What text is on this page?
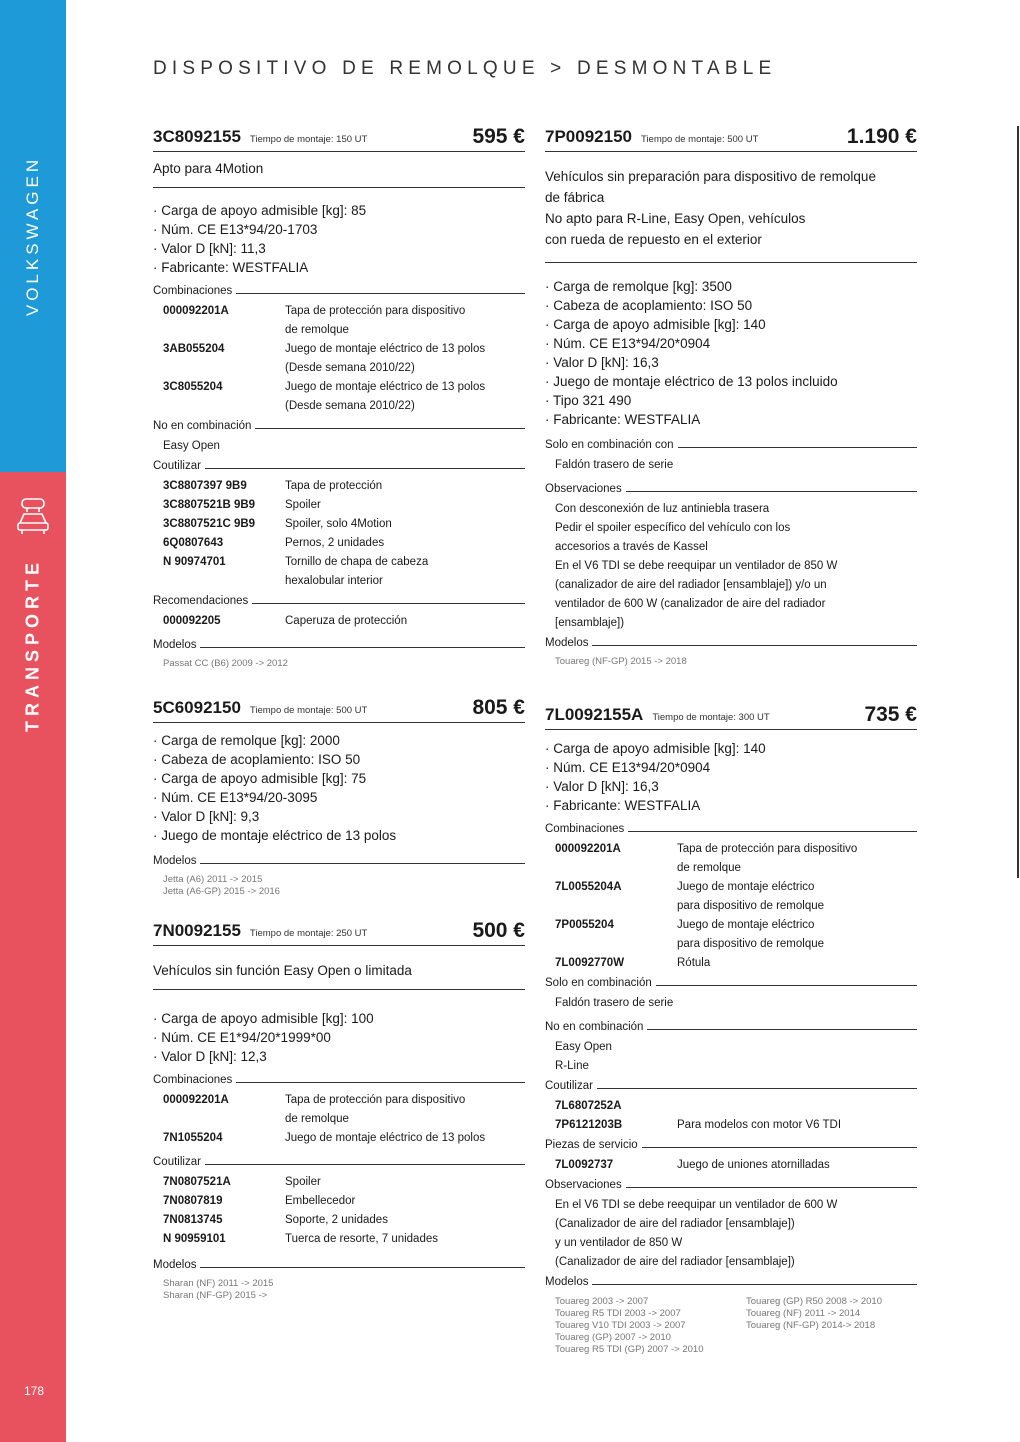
VOLKSWAGEN
TRANSPORTE
178
DISPOSITIVO DE REMOLQUE > DESMONTABLE
3C8092155 Tiempo de montaje: 150 UT	595 €
Apto para 4Motion
· Carga de apoyo admisible [kg]: 85
· Núm. CE E13*94/20-1703
· Valor D [kN]: 11,3
· Fabricante: WESTFALIA
Combinaciones
000092201A	Tapa de protección para dispositivo
de remolque
3AB055204	Juego de montaje eléctrico de 13 polos
(Desde semana 2010/22)
3C8055204	Juego de montaje eléctrico de 13 polos
(Desde semana 2010/22)
No en combinación
Easy Open
Coutilizar
3C8807397 9B9	Tapa de protección
3C8807521B 9B9	Spoiler
3C8807521C 9B9	Spoiler, solo 4Motion
6Q0807643	Pernos, 2 unidades
N 90974701	Tornillo de chapa de cabeza
hexalobular interior
Recomendaciones
000092205	Caperuza de protección
Modelos
Passat CC (B6) 2009 -> 2012
5C6092150 Tiempo de montaje: 500 UT	805 €
· Carga de remolque [kg]: 2000
· Cabeza de acoplamiento: ISO 50
· Carga de apoyo admisible [kg]: 75
· Núm. CE E13*94/20-3095
· Valor D [kN]: 9,3
· Juego de montaje eléctrico de 13 polos
Modelos
Jetta (A6) 2011 -> 2015
Jetta (A6-GP) 2015 -> 2016
7N0092155 Tiempo de montaje: 250 UT	500 €
Vehículos sin función Easy Open o limitada
· Carga de apoyo admisible [kg]: 100
· Núm. CE E1*94/20*1999*00
· Valor D [kN]: 12,3
Combinaciones
000092201A	Tapa de protección para dispositivo
de remolque
7N1055204	Juego de montaje eléctrico de 13 polos
Coutilizar
7N0807521A	Spoiler
7N0807819	Embellecedor
7N0813745	Soporte, 2 unidades
N 90959101	Tuerca de resorte, 7 unidades
Modelos
Sharan (NF) 2011 -> 2015
Sharan (NF-GP) 2015 ->
7P0092150 Tiempo de montaje: 500 UT	1.190 €
Vehículos sin preparación para dispositivo de remolque
de fábrica
No apto para R-Line, Easy Open, vehículos
con rueda de repuesto en el exterior
· Carga de remolque [kg]: 3500
· Cabeza de acoplamiento: ISO 50
· Carga de apoyo admisible [kg]: 140
· Núm. CE E13*94/20*0904
· Valor D [kN]: 16,3
· Juego de montaje eléctrico de 13 polos incluido
· Tipo 321 490
· Fabricante: WESTFALIA
Solo en combinación con
Faldón trasero de serie
Observaciones
Con desconexión de luz antiniebla trasera
Pedir el spoiler específico del vehículo con los
accesorios a través de Kassel
En el V6 TDI se debe reequipar un ventilador de 850 W
(canalizador de aire del radiador [ensamblaje]) y/o un
ventilador de 600 W (canalizador de aire del radiador
[ensamblaje])
Modelos
Touareg (NF-GP) 2015 -> 2018
7L0092155A Tiempo de montaje: 300 UT	735 €
· Carga de apoyo admisible [kg]: 140
· Núm. CE E13*94/20*0904
· Valor D [kN]: 16,3
· Fabricante: WESTFALIA
Combinaciones
000092201A	Tapa de protección para dispositivo
de remolque
7L0055204A	Juego de montaje eléctrico
para dispositivo de remolque
7P0055204	Juego de montaje eléctrico
para dispositivo de remolque
7L0092770W	Rótula
Solo en combinación
Faldón trasero de serie
No en combinación
Easy Open
R-Line
Coutilizar
7L6807252A
7P6121203B	Para modelos con motor V6 TDI
Piezas de servicio
7L0092737	Juego de uniones atornilladas
Observaciones
En el V6 TDI se debe reequipar un ventilador de 600 W
(Canalizador de aire del radiador [ensamblaje])
y un ventilador de 850 W
(Canalizador de aire del radiador [ensamblaje])
Modelos
Touareg 2003 -> 2007
Touareg R5 TDI 2003 -> 2007
Touareg V10 TDI 2003 -> 2007
Touareg (GP) 2007 -> 2010
Touareg R5 TDI (GP) 2007 -> 2010
Touareg (GP) R50 2008 -> 2010
Touareg (NF) 2011 -> 2014
Touareg (NF-GP) 2014-> 2018
